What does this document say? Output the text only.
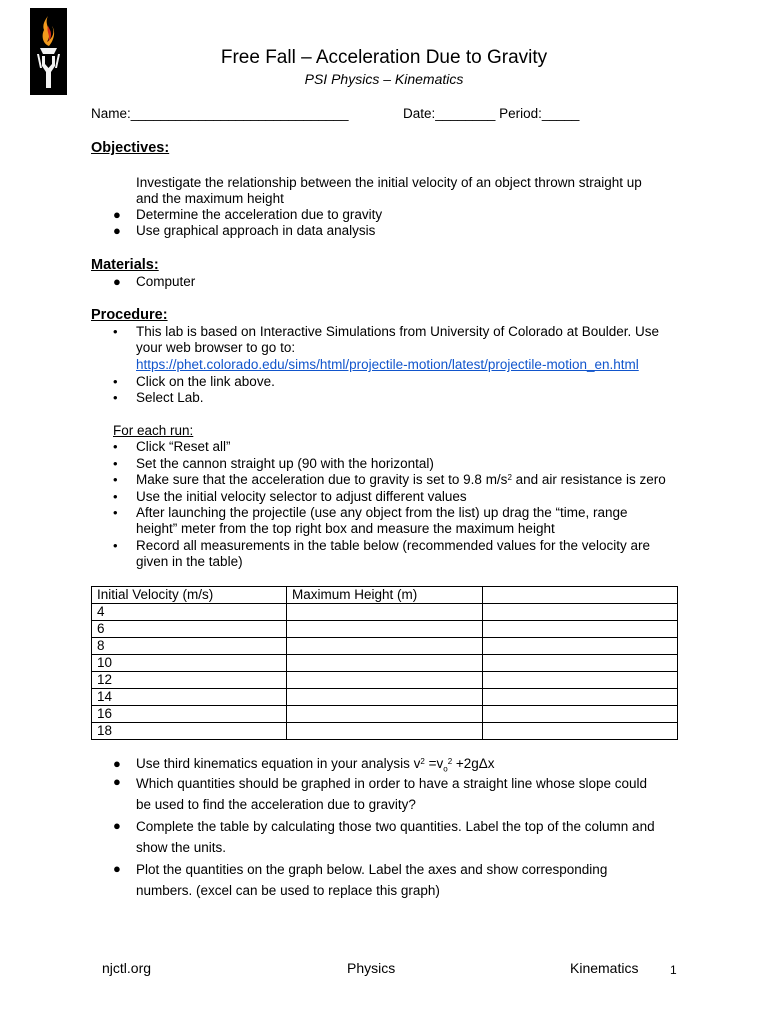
Free Fall – Acceleration Due to Gravity
PSI Physics – Kinematics
Name:_____________________________	Date:________ Period:_____
Objectives:
Investigate the relationship between the initial velocity of an object thrown straight up
and the maximum height
● Determine the acceleration due to gravity
● Use graphical approach in data analysis
Materials:
● Computer
Procedure:
• This lab is based on Interactive Simulations from University of Colorado at Boulder. Use
your web browser to go to:
https://phet.colorado.edu/sims/html/projectile-motion/latest/projectile-motion_en.html
• Click on the link above.
• Select Lab.
For each run:
• Click “Reset all”
• Set the cannon straight up (90 with the horizontal)
• Make sure that the acceleration due to gravity is set to 9.8 $m/s^2$ and air resistance is zero
• Use the initial velocity selector to adjust different values
• After launching the projectile (use any object from the list) up drag the “time, range
height” meter from the top right box and measure the maximum height
• Record all measurements in the table below (recommended values for the velocity are
given in the table)
Initial Velocity (m/s)	Maximum Height (m)	
4		
6		
8		
10		
12		
14		
16		
18		
● Use third kinematics equation in your analysis $v^2 =v_o^2 +2g\Delta x$
● Which quantities should be graphed in order to have a straight line whose slope could
be used to find the acceleration due to gravity?
● Complete the table by calculating those two quantities. Label the top of the column and
show the units.
● Plot the quantities on the graph below. Label the axes and show corresponding
numbers. (excel can be used to replace this graph)
njctl.org	Physics	Kinematics	1
